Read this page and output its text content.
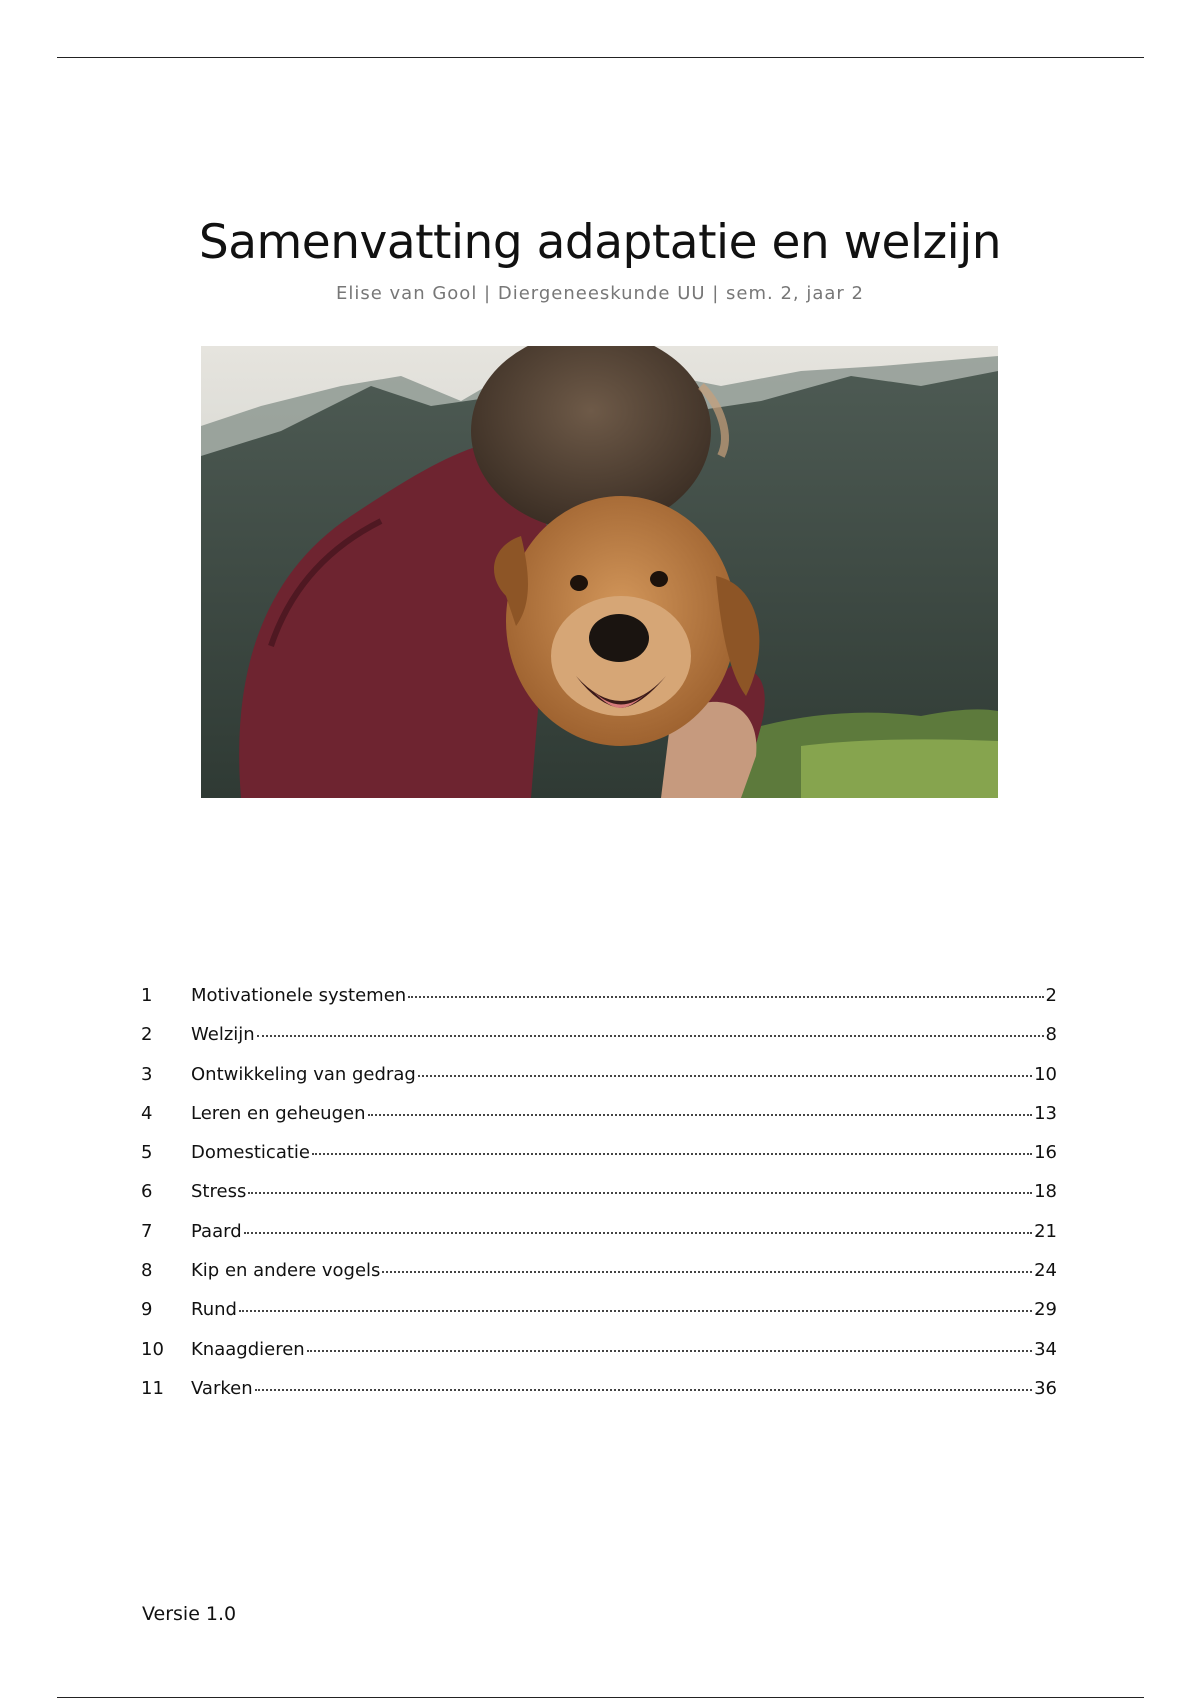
Samenvatting adaptatie en welzijn
Elise van Gool | Diergeneeskunde UU | sem. 2, jaar 2
1	Motivationele systemen	2
2	Welzijn	8
3	Ontwikkeling van gedrag	10
4	Leren en geheugen	13
5	Domesticatie	16
6	Stress	18
7	Paard	21
8	Kip en andere vogels	24
9	Rund	29
10	Knaagdieren	34
11	Varken	36
Versie 1.0
